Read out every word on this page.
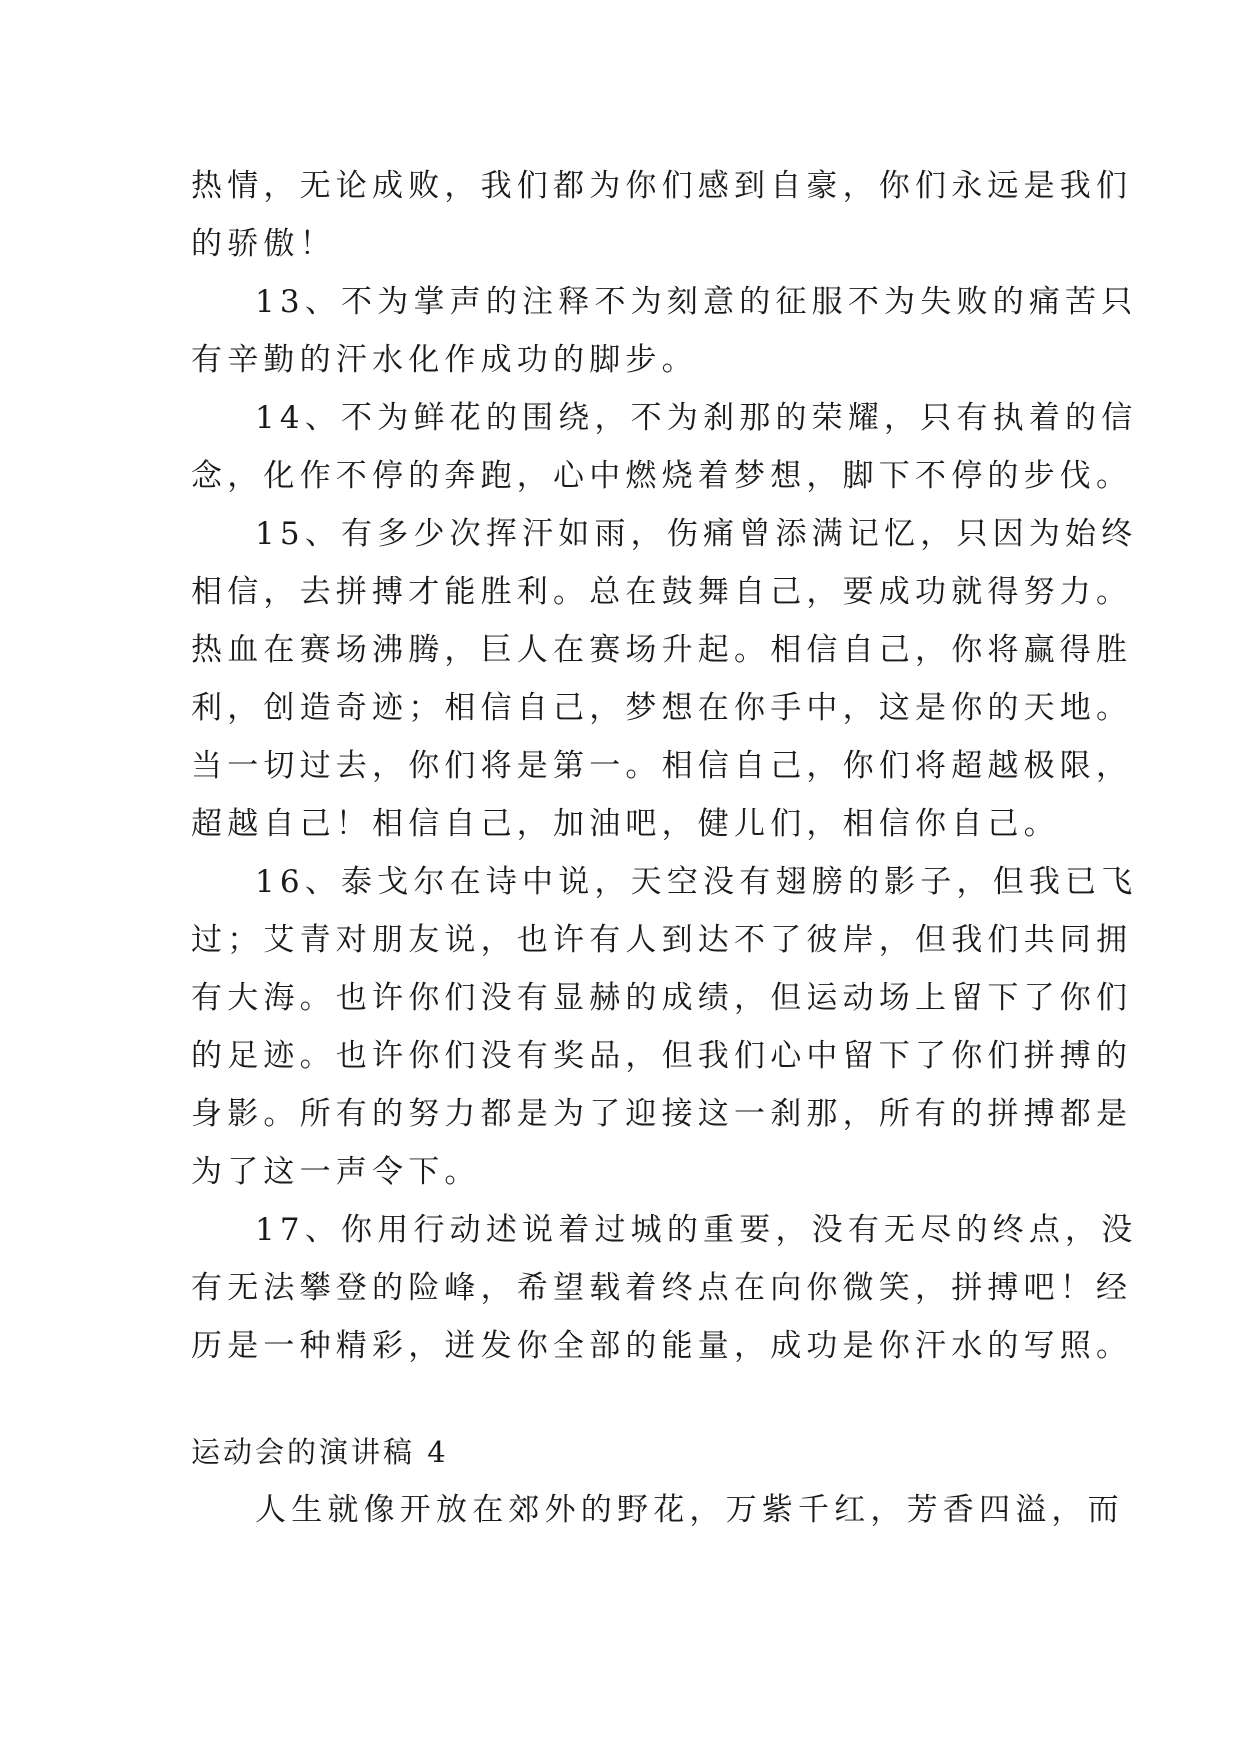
热情，无论成败，我们都为你们感到自豪，你们永远是我们
的骄傲！

13、不为掌声的注释不为刻意的征服不为失败的痛苦只
有辛勤的汗水化作成功的脚步。

14、不为鲜花的围绕，不为刹那的荣耀，只有执着的信
念，化作不停的奔跑，心中燃烧着梦想，脚下不停的步伐。

15、有多少次挥汗如雨，伤痛曾添满记忆，只因为始终
相信，去拼搏才能胜利。总在鼓舞自己，要成功就得努力。
热血在赛场沸腾，巨人在赛场升起。相信自己，你将赢得胜
利，创造奇迹；相信自己，梦想在你手中，这是你的天地。
当一切过去，你们将是第一。相信自己，你们将超越极限，
超越自己！相信自己，加油吧，健儿们，相信你自己。

16、泰戈尔在诗中说，天空没有翅膀的影子，但我已飞
过；艾青对朋友说，也许有人到达不了彼岸，但我们共同拥
有大海。也许你们没有显赫的成绩，但运动场上留下了你们
的足迹。也许你们没有奖品，但我们心中留下了你们拼搏的
身影。所有的努力都是为了迎接这一刹那，所有的拼搏都是
为了这一声令下。

17、你用行动述说着过城的重要，没有无尽的终点，没
有无法攀登的险峰，希望载着终点在向你微笑，拼搏吧！经
历是一种精彩，迸发你全部的能量，成功是你汗水的写照。

运动会的演讲稿 4

人生就像开放在郊外的野花，万紫千红，芳香四溢，而
